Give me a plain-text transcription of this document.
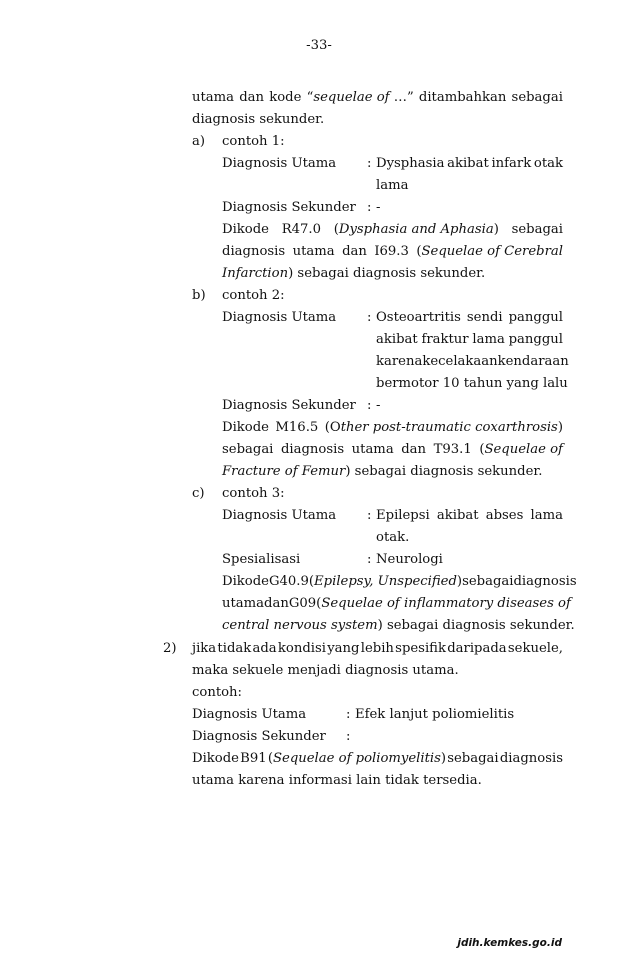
-33-
utama dan kode “sequelae of …” ditambahkan sebagai
diagnosis sekunder.
a) contoh 1:
Diagnosis Utama : Dysphasia akibat infark otak
lama
Diagnosis Sekunder : -
Dikode R47.0 (Dysphasia and Aphasia) sebagai
diagnosis utama dan I69.3 (Sequelae of Cerebral
Infarction) sebagai diagnosis sekunder.
b) contoh 2:
Diagnosis Utama : Osteoartritis sendi panggul
akibat fraktur lama panggul
karena kecelakaan kendaraan
bermotor 10 tahun yang lalu
Diagnosis Sekunder : -
Dikode M16.5 (Other post-traumatic coxarthrosis)
sebagai diagnosis utama dan T93.1 (Sequelae of
Fracture of Femur) sebagai diagnosis sekunder.
c) contoh 3:
Diagnosis Utama : Epilepsi akibat abses lama
otak.
Spesialisasi	: Neurologi
Dikode G40.9 (Epilepsy, Unspecified) sebagai diagnosis
utama dan G09 (Sequelae of inflammatory diseases of
central nervous system) sebagai diagnosis sekunder.
2) jika tidak ada kondisi yang lebih spesifik daripada sekuele,
maka sekuele menjadi diagnosis utama.
contoh:
Diagnosis Utama	: Efek lanjut poliomielitis
Diagnosis Sekunder :
Dikode B91 (Sequelae of poliomyelitis) sebagai diagnosis
utama karena informasi lain tidak tersedia.
jdih.kemkes.go.id
